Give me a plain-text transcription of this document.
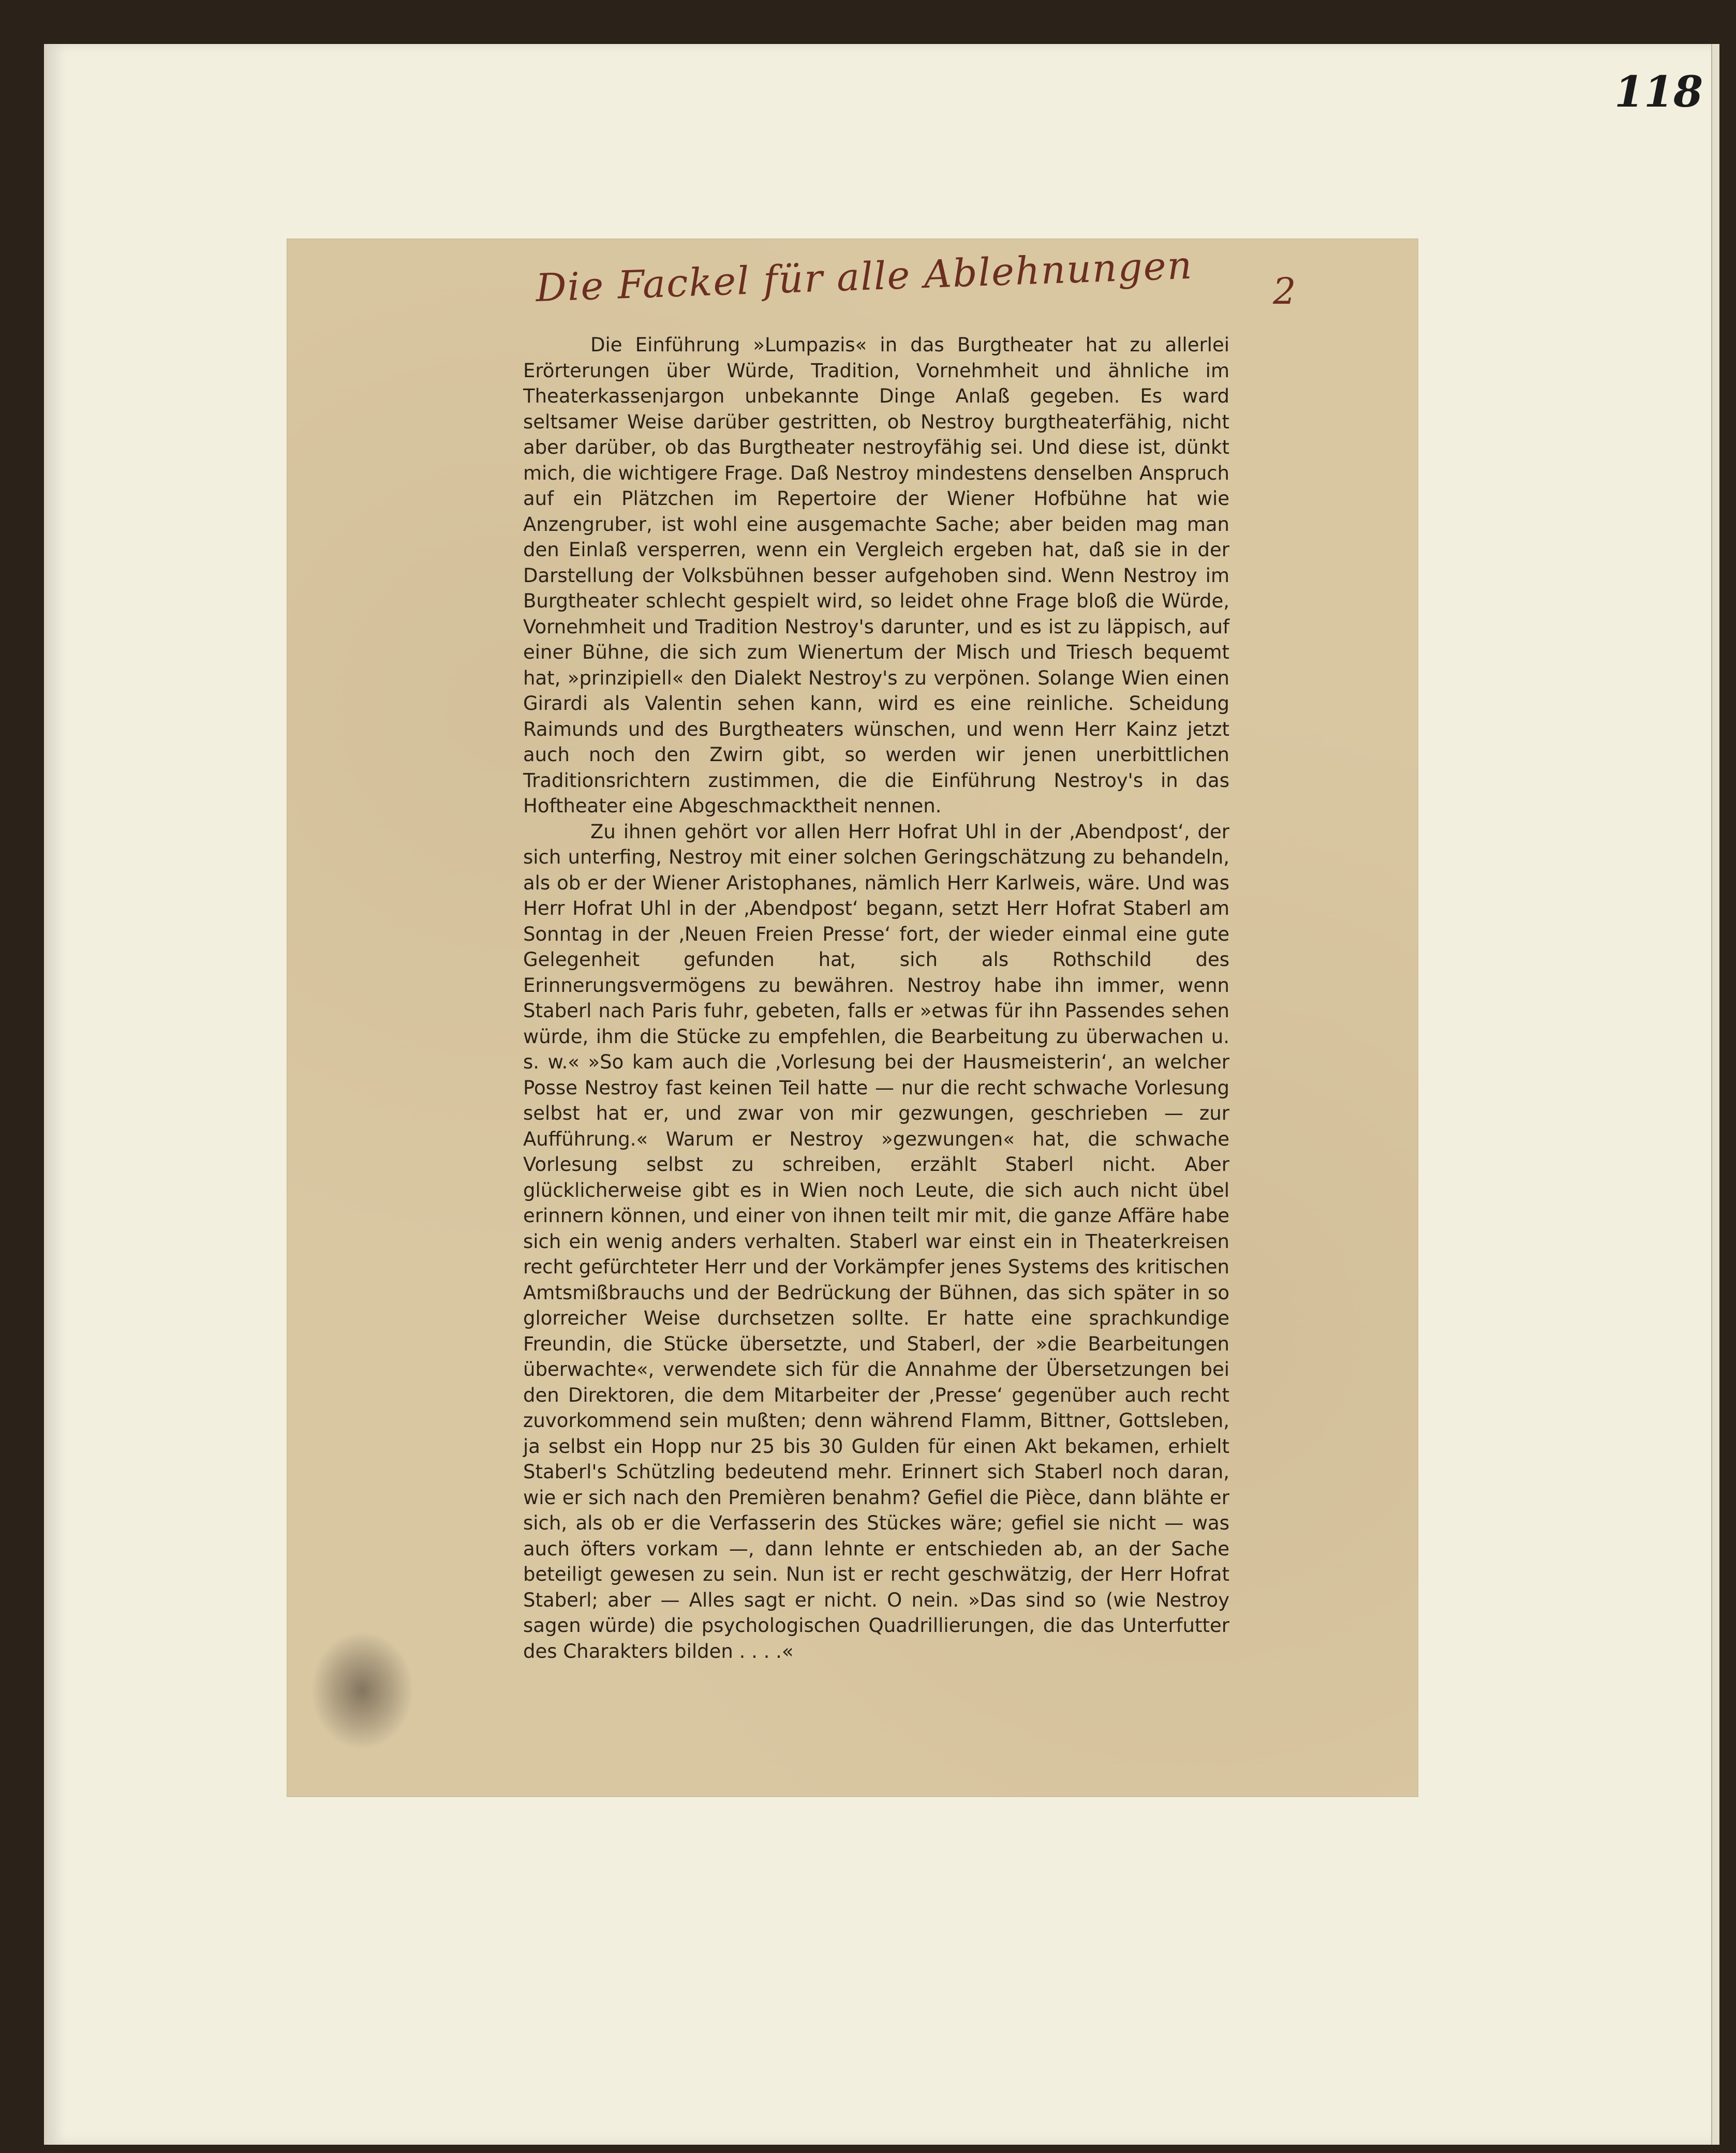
118
Die Fackel für alle Ablehnungen 2

Die Einführung »Lumpazis« in das Burgtheater hat zu allerlei Erörterungen über Würde, Tradition, Vornehmheit und ähnliche im Theaterkassenjargon unbekannte Dinge Anlaß gegeben. Es ward seltsamer Weise darüber gestritten, ob Nestroy burgtheaterfähig, nicht aber darüber, ob das Burgtheater nestroyfähig sei. Und diese ist, dünkt mich, die wichtigere Frage. Daß Nestroy mindestens denselben Anspruch auf ein Plätzchen im Repertoire der Wiener Hofbühne hat wie Anzengruber, ist wohl eine ausgemachte Sache; aber beiden mag man den Einlaß versperren, wenn ein Vergleich ergeben hat, daß sie in der Darstellung der Volksbühnen besser aufgehoben sind. Wenn Nestroy im Burgtheater schlecht gespielt wird, so leidet ohne Frage bloß die Würde, Vornehmheit und Tradition Nestroy's darunter, und es ist zu läppisch, auf einer Bühne, die sich zum Wienertum der Misch und Triesch bequemt hat, »prinzipiell« den Dialekt Nestroy's zu verpönen. Solange Wien einen Girardi als Valentin sehen kann, wird es eine reinliche. Scheidung Raimunds und des Burgtheaters wünschen, und wenn Herr Kainz jetzt auch noch den Zwirn gibt, so werden wir jenen unerbittlichen Traditionsrichtern zustimmen, die die Einführung Nestroy's in das Hoftheater eine Abgeschmacktheit nennen.

Zu ihnen gehört vor allen Herr Hofrat Uhl in der ‚Abendpost‘, der sich unterfing, Nestroy mit einer solchen Geringschätzung zu behandeln, als ob er der Wiener Aristophanes, nämlich Herr Karlweis, wäre. Und was Herr Hofrat Uhl in der ‚Abendpost‘ begann, setzt Herr Hofrat Staberl am Sonntag in der ‚Neuen Freien Presse‘ fort, der wieder einmal eine gute Gelegenheit gefunden hat, sich als Rothschild des Erinnerungsvermögens zu bewähren. Nestroy habe ihn immer, wenn Staberl nach Paris fuhr, gebeten, falls er »etwas für ihn Passendes sehen würde, ihm die Stücke zu empfehlen, die Bearbeitung zu überwachen u. s. w.« »So kam auch die ‚Vorlesung bei der Hausmeisterin‘, an welcher Posse Nestroy fast keinen Teil hatte — nur die recht schwache Vorlesung selbst hat er, und zwar von mir gezwungen, geschrieben — zur Aufführung.« Warum er Nestroy »gezwungen« hat, die schwache Vorlesung selbst zu schreiben, erzählt Staberl nicht. Aber glücklicherweise gibt es in Wien noch Leute, die sich auch nicht übel erinnern können, und einer von ihnen teilt mir mit, die ganze Affäre habe sich ein wenig anders verhalten. Staberl war einst ein in Theaterkreisen recht gefürchteter Herr und der Vorkämpfer jenes Systems des kritischen Amtsmißbrauchs und der Bedrückung der Bühnen, das sich später in so glorreicher Weise durchsetzen sollte. Er hatte eine sprachkundige Freundin, die Stücke übersetzte, und Staberl, der »die Bearbeitungen überwachte«, verwendete sich für die Annahme der Übersetzungen bei den Direktoren, die dem Mitarbeiter der ‚Presse‘ gegenüber auch recht zuvorkommend sein mußten; denn während Flamm, Bittner, Gottsleben, ja selbst ein Hopp nur 25 bis 30 Gulden für einen Akt bekamen, erhielt Staberl's Schützling bedeutend mehr. Erinnert sich Staberl noch daran, wie er sich nach den Premièren benahm? Gefiel die Pièce, dann blähte er sich, als ob er die Verfasserin des Stückes wäre; gefiel sie nicht — was auch öfters vorkam —, dann lehnte er entschieden ab, an der Sache beteiligt gewesen zu sein. Nun ist er recht geschwätzig, der Herr Hofrat Staberl; aber — Alles sagt er nicht. O nein. »Das sind so (wie Nestroy sagen würde) die psychologischen Quadrillierungen, die das Unterfutter des Charakters bilden . . . .«
